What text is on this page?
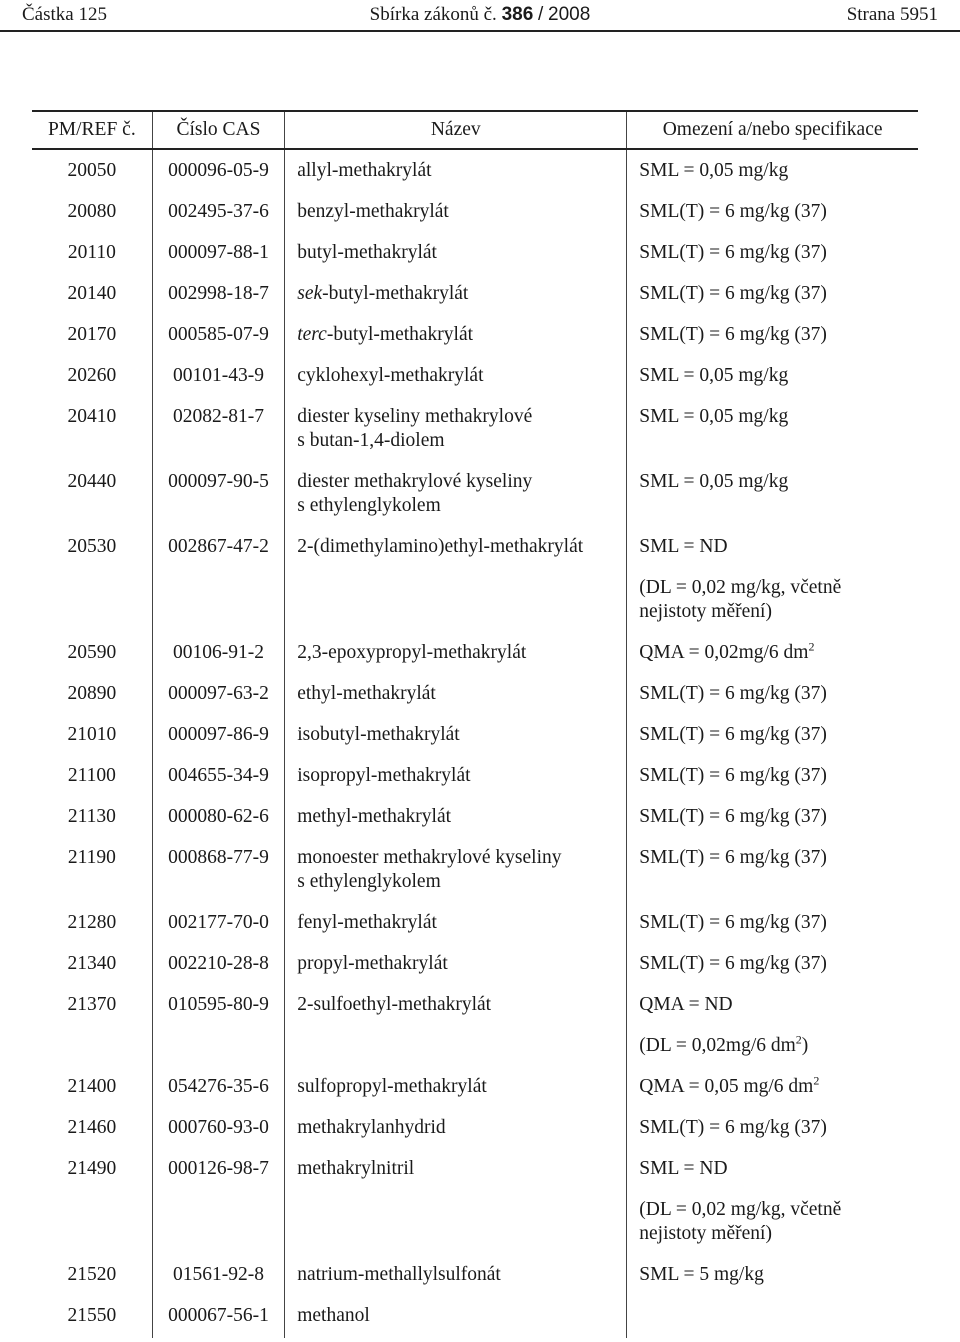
Částka 125	Sbírka zákonů č. 386 / 2008	Strana 5951
PM/REF č.	Číslo CAS	Název	Omezení a/nebo specifikace

20050	000096-05-9	allyl-methakrylát	SML = 0,05 mg/kg

20080	002495-37-6	benzyl-methakrylát	SML(T) = 6 mg/kg (37)

20110	000097-88-1	butyl-methakrylát	SML(T) = 6 mg/kg (37)

20140	002998-18-7	sek-butyl-methakrylát	SML(T) = 6 mg/kg (37)

20170	000585-07-9	terc-butyl-methakrylát	SML(T) = 6 mg/kg (37)

20260	00101-43-9	cyklohexyl-methakrylát	SML = 0,05 mg/kg

20410	02082-81-7	diester kyseliny methakrylové
s butan-1,4-diolem	SML = 0,05 mg/kg

20440	000097-90-5	diester methakrylové kyseliny
s ethylenglykolem	SML = 0,05 mg/kg

20530	002867-47-2	2-(dimethylamino)ethyl-methakrylát	SML = ND

			(DL = 0,02 mg/kg, včetně
nejistoty měření)

20590	00106-91-2	2,3-epoxypropyl-methakrylát	QMA = 0,02mg/6 $dm^2$

20890	000097-63-2	ethyl-methakrylát	SML(T) = 6 mg/kg (37)

21010	000097-86-9	isobutyl-methakrylát	SML(T) = 6 mg/kg (37)

21100	004655-34-9	isopropyl-methakrylát	SML(T) = 6 mg/kg (37)

21130	000080-62-6	methyl-methakrylát	SML(T) = 6 mg/kg (37)

21190	000868-77-9	monoester methakrylové kyseliny
s ethylenglykolem	SML(T) = 6 mg/kg (37)

21280	002177-70-0	fenyl-methakrylát	SML(T) = 6 mg/kg (37)

21340	002210-28-8	propyl-methakrylát	SML(T) = 6 mg/kg (37)

21370	010595-80-9	2-sulfoethyl-methakrylát	QMA = ND

			(DL = 0,02mg/6 $dm^2$)

21400	054276-35-6	sulfopropyl-methakrylát	QMA = 0,05 mg/6 $dm^2$

21460	000760-93-0	methakrylanhydrid	SML(T) = 6 mg/kg (37)

21490	000126-98-7	methakrylnitril	SML = ND

			(DL = 0,02 mg/kg, včetně
nejistoty měření)

21520	01561-92-8	natrium-methallylsulfonát	SML = 5 mg/kg

21550	000067-56-1	methanol	
